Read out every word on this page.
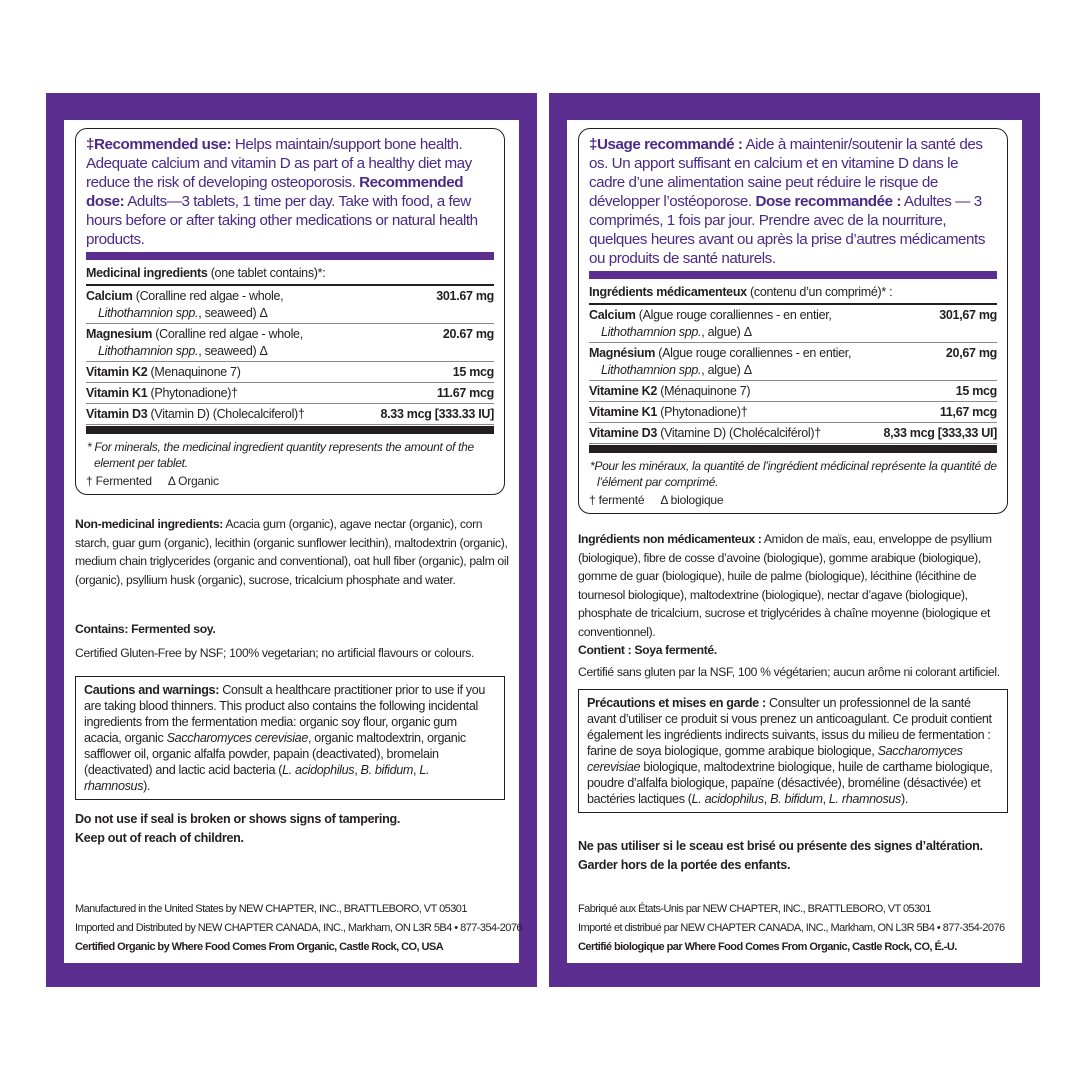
‡Recommended use: Helps maintain/support bone health. Adequate calcium and vitamin D as part of a healthy diet may reduce the risk of developing osteoporosis. Recommended dose: Adults—3 tablets, 1 time per day. Take with food, a few hours before or after taking other medications or natural health products.
Medicinal ingredients (one tablet contains)*:
Calcium (Coralline red algae - whole,
Lithothamnion spp., seaweed) Δ
301.67 mg
Magnesium (Coralline red algae - whole,
Lithothamnion spp., seaweed) Δ
20.67 mg
Vitamin K2 (Menaquinone 7)	15 mcg
Vitamin K1 (Phytonadione)†	11.67 mcg
Vitamin D3 (Vitamin D) (Cholecalciferol)†	8.33 mcg [333.33 IU]
* For minerals, the medicinal ingredient quantity represents the amount of the element per tablet.
† Fermented Δ Organic
Non-medicinal ingredients: Acacia gum (organic), agave nectar (organic), corn starch, guar gum (organic), lecithin (organic sunflower lecithin), maltodextrin (organic), medium chain triglycerides (organic and conventional), oat hull fiber (organic), palm oil (organic), psyllium husk (organic), sucrose, tricalcium phosphate and water.
Contains: Fermented soy.
Certified Gluten-Free by NSF; 100% vegetarian; no artificial flavours or colours.
Cautions and warnings: Consult a healthcare practitioner prior to use if you are taking blood thinners. This product also contains the following incidental ingredients from the fermentation media: organic soy flour, organic gum acacia, organic Saccharomyces cerevisiae, organic maltodextrin, organic safflower oil, organic alfalfa powder, papain (deactivated), bromelain (deactivated) and lactic acid bacteria (L. acidophilus, B. bifidum, L. rhamnosus).
Do not use if seal is broken or shows signs of tampering.
Keep out of reach of children.
Manufactured in the United States by NEW CHAPTER, INC., BRATTLEBORO, VT 05301
Imported and Distributed by NEW CHAPTER CANADA, INC., Markham, ON L3R 5B4 • 877-354-2076
Certified Organic by Where Food Comes From Organic, Castle Rock, CO, USA
‡Usage recommandé : Aide à maintenir/soutenir la santé des os. Un apport suffisant en calcium et en vitamine D dans le cadre d’une alimentation saine peut réduire le risque de développer l’ostéoporose. Dose recommandée : Adultes — 3 comprimés, 1 fois par jour. Prendre avec de la nourriture, quelques heures avant ou après la prise d’autres médicaments ou produits de santé naturels.
Ingrédients médicamenteux (contenu d’un comprimé)* :
Calcium (Algue rouge coralliennes - en entier,
Lithothamnion spp., algue) Δ
301,67 mg
Magnésium (Algue rouge coralliennes - en entier,
Lithothamnion spp., algue) Δ
20,67 mg
Vitamine K2 (Ménaquinone 7)	15 mcg
Vitamine K1 (Phytonadione)†	11,67 mcg
Vitamine D3 (Vitamine D) (Cholécalciférol)†	8,33 mcg [333,33 UI]
*Pour les minéraux, la quantité de l’ingrédient médicinal représente la quantité de l’élément par comprimé.
† fermenté Δ biologique
Ingrédients non médicamenteux : Amidon de maïs, eau, enveloppe de psyllium (biologique), fibre de cosse d’avoine (biologique), gomme arabique (biologique), gomme de guar (biologique), huile de palme (biologique), lécithine (lécithine de tournesol biologique), maltodextrine (biologique), nectar d’agave (biologique), phosphate de tricalcium, sucrose et triglycérides à chaîne moyenne (biologique et conventionnel).
Contient : Soya fermenté.
Certifié sans gluten par la NSF, 100 % végétarien; aucun arôme ni colorant artificiel.
Précautions et mises en garde : Consulter un professionnel de la santé avant d’utiliser ce produit si vous prenez un anticoagulant. Ce produit contient également les ingrédients indirects suivants, issus du milieu de fermentation : farine de soya biologique, gomme arabique biologique, Saccharomyces cerevisiae biologique, maltodextrine biologique, huile de carthame biologique, poudre d’alfalfa biologique, papaïne (désactivée), broméline (désactivée) et bactéries lactiques (L. acidophilus, B. bifidum, L. rhamnosus).
Ne pas utiliser si le sceau est brisé ou présente des signes d’altération.
Garder hors de la portée des enfants.
Fabriqué aux États-Unis par NEW CHAPTER, INC., BRATTLEBORO, VT 05301
Importé et distribué par NEW CHAPTER CANADA, INC., Markham, ON L3R 5B4 • 877-354-2076
Certifié biologique par Where Food Comes From Organic, Castle Rock, CO, É.-U.
